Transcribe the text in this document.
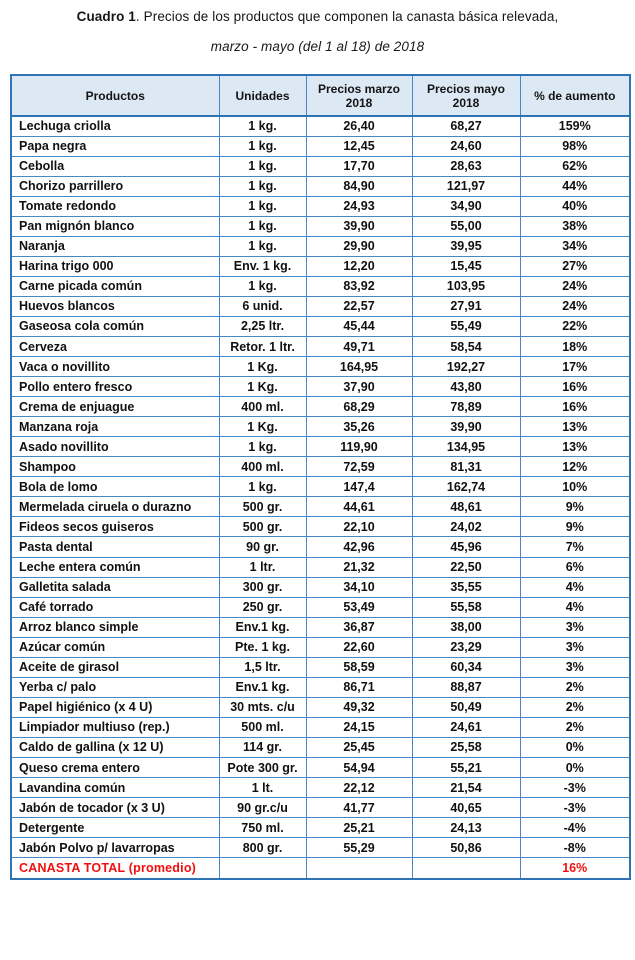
Cuadro 1. Precios de los productos que componen la canasta básica relevada,
marzo - mayo (del 1 al 18) de 2018
Productos	Unidades	Precios marzo 2018	Precios mayo 2018	% de aumento
Lechuga criolla	1 kg.	26,40	68,27	159%
Papa negra	1 kg.	12,45	24,60	98%
Cebolla	1 kg.	17,70	28,63	62%
Chorizo parrillero	1 kg.	84,90	121,97	44%
Tomate redondo	1 kg.	24,93	34,90	40%
Pan mignón blanco	1 kg.	39,90	55,00	38%
Naranja	1 kg.	29,90	39,95	34%
Harina trigo 000	Env. 1 kg.	12,20	15,45	27%
Carne picada común	1 kg.	83,92	103,95	24%
Huevos blancos	6 unid.	22,57	27,91	24%
Gaseosa cola común	2,25 ltr.	45,44	55,49	22%
Cerveza	Retor. 1 ltr.	49,71	58,54	18%
Vaca o novillito	1 Kg.	164,95	192,27	17%
Pollo entero fresco	1 Kg.	37,90	43,80	16%
Crema de enjuague	400 ml.	68,29	78,89	16%
Manzana roja	1 Kg.	35,26	39,90	13%
Asado novillito	1 kg.	119,90	134,95	13%
Shampoo	400 ml.	72,59	81,31	12%
Bola de lomo	1 kg.	147,4	162,74	10%
Mermelada ciruela o durazno	500 gr.	44,61	48,61	9%
Fideos secos guiseros	500 gr.	22,10	24,02	9%
Pasta dental	90 gr.	42,96	45,96	7%
Leche entera común	1 ltr.	21,32	22,50	6%
Galletita salada	300 gr.	34,10	35,55	4%
Café torrado	250 gr.	53,49	55,58	4%
Arroz blanco simple	Env.1 kg.	36,87	38,00	3%
Azúcar común	Pte. 1 kg.	22,60	23,29	3%
Aceite de girasol	1,5 ltr.	58,59	60,34	3%
Yerba c/ palo	Env.1 kg.	86,71	88,87	2%
Papel higiénico (x 4 U)	30 mts. c/u	49,32	50,49	2%
Limpiador multiuso (rep.)	500 ml.	24,15	24,61	2%
Caldo de gallina (x 12 U)	114 gr.	25,45	25,58	0%
Queso crema entero	Pote 300 gr.	54,94	55,21	0%
Lavandina común	1 lt.	22,12	21,54	-3%
Jabón de tocador (x 3 U)	90 gr.c/u	41,77	40,65	-3%
Detergente	750 ml.	25,21	24,13	-4%
Jabón Polvo p/ lavarropas	800 gr.	55,29	50,86	-8%
CANASTA TOTAL (promedio)				16%
